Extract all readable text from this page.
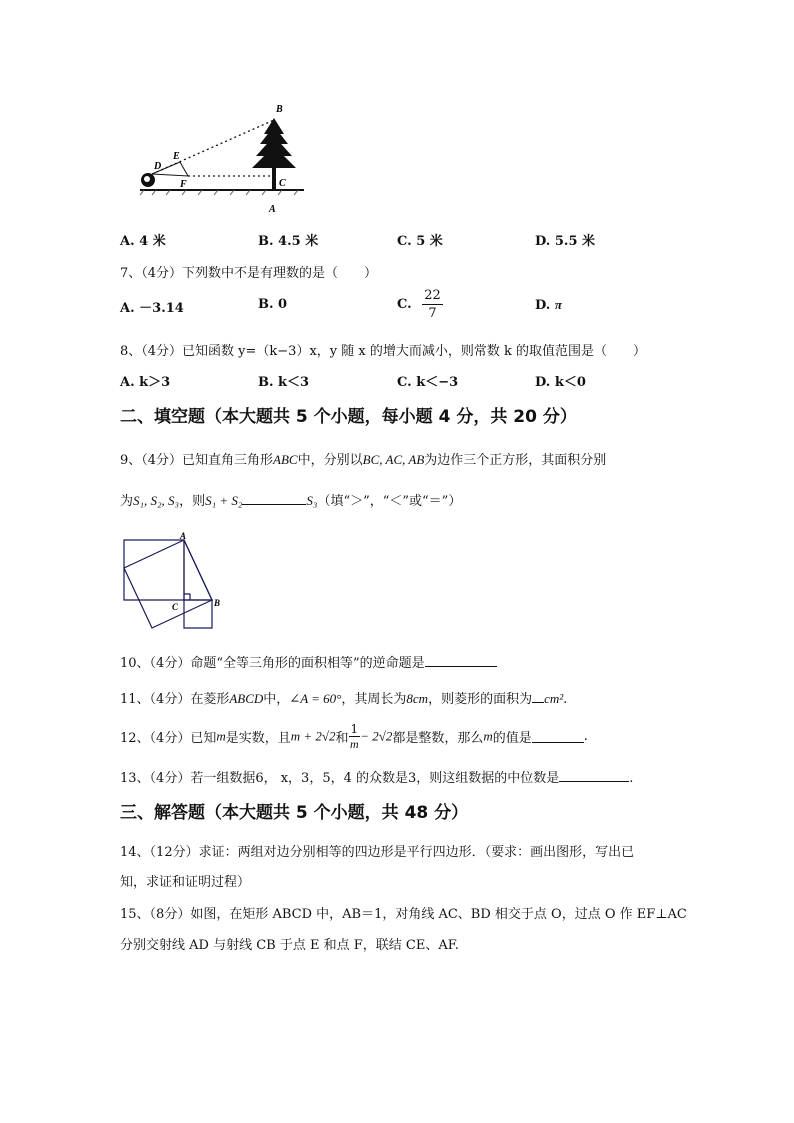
B
E
D
F	C
A
A. 4 米	B. 4.5 米	C. 5 米	D. 5.5 米
7、（4分）下列数中不是有理数的是（　　）
A. －3.14	B. 0	C. $\frac{22}{7}$	D. π
8、（4分）已知函数 y=（k−3）x，y 随 x 的增大而减小，则常数 k 的取值范围是（　　）
A. k＞3	B. k＜3	C. k＜−3	D. k＜0
二、填空题（本大题共 5 个小题，每小题 4 分，共 20 分）
9、（4分）已知直角三角形ABC中，分别以BC, AC, AB为边作三个正方形，其面积分别
为S₁, S₂, S₃，则S₁ + S₂	S₃（填“＞”，“＜”或“＝”）
A
B
C
10、（4分）命题“全等三角形的面积相等”的逆命题是
11、（4分）在菱形ABCD中，∠A = 60°，其周长为8cm，则菱形的面积为 cm².
12、（4分）已知m是实数，且m + 2√2和 $\frac{1}{m} - 2√2$都是整数，那么m的值是	.
13、（4分）若一组数据6， x，3，5，4 的众数是3，则这组数据的中位数是	.
三、解答题（本大题共 5 个小题，共 48 分）
14、（12分）求证：两组对边分别相等的四边形是平行四边形．（要求：画出图形，写出已
知，求证和证明过程）
15、（8分）如图，在矩形 ABCD 中，AB＝1，对角线 AC、BD 相交于点 O，过点 O 作 EF⊥AC
分别交射线 AD 与射线 CB 于点 E 和点 F，联结 CE、AF.
